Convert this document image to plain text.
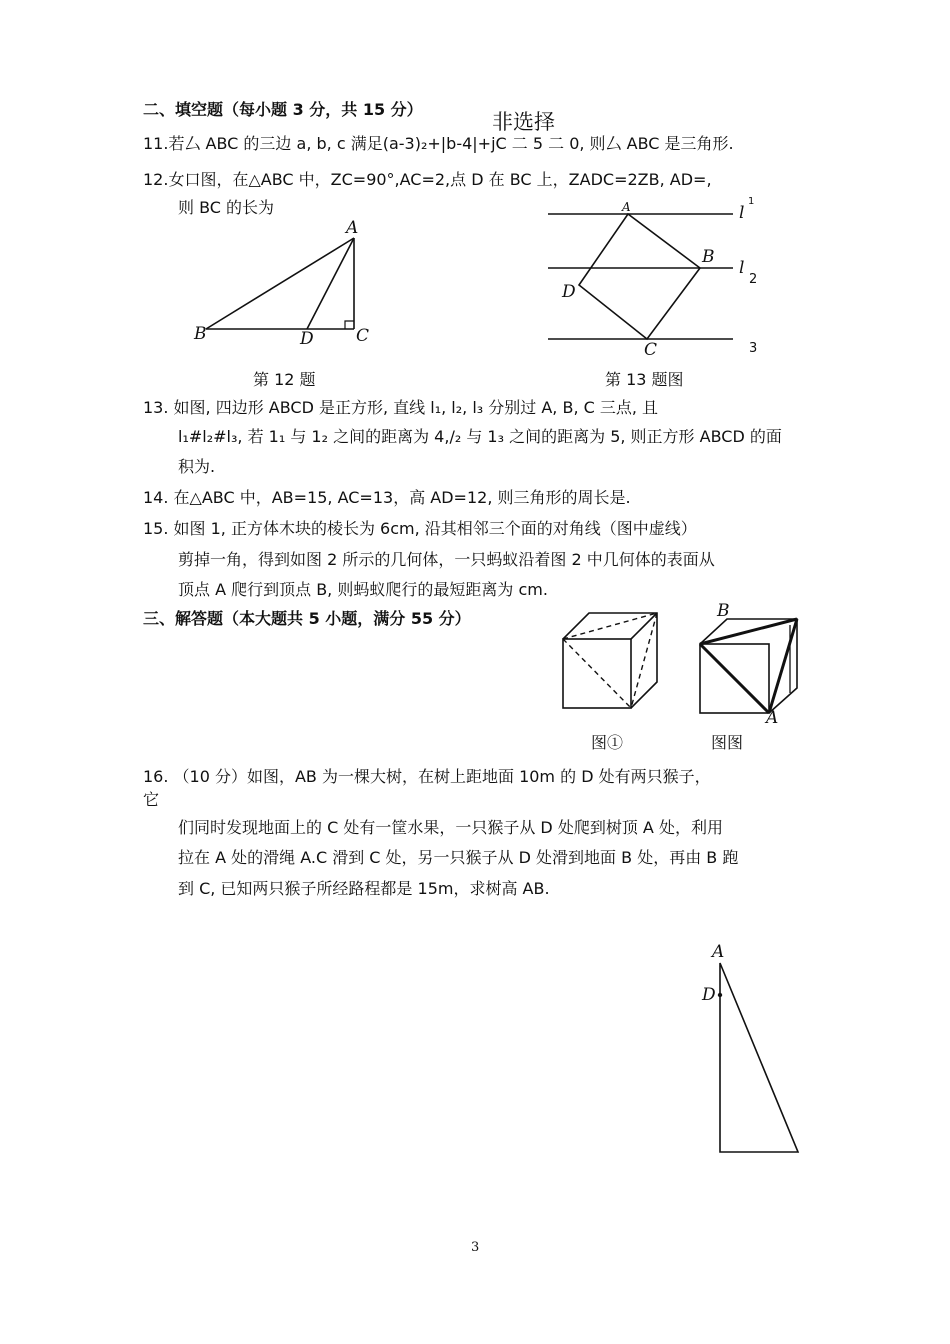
二、填空题（每小题 3 分，共 15 分）
非选择
11.若厶 ABC 的三边 a, b, c 满足(a-3)₂+|b-4|+jC 二 5 二 0, 则厶 ABC 是三角形.
12.女口图，在△ABC 中，ZC=90°,AC=2,点 D 在 BC 上，ZADC=2ZB, AD=,
则 BC 的长为
A
B	D C
第 12 题
A
B
D
C
l
1
l
2
3
第 13 题图
13. 如图, 四边形 ABCD 是正方形, 直线 l₁, l₂, l₃ 分别过 A, B, C 三点, 且
l₁#l₂#l₃, 若 1₁ 与 1₂ 之间的距离为 4,/₂ 与 1₃ 之间的距离为 5, 则正方形 ABCD 的面
积为.
14. 在△ABC 中，AB=15, AC=13，高 AD=12, 则三角形的周长是.
15. 如图 1, 正方体木块的棱长为 6cm, 沿其相邻三个面的对角线（图中虚线）
剪掉一角，得到如图 2 所示的几何体，一只蚂蚁沿着图 2 中几何体的表面从
顶点 A 爬行到顶点 B, 则蚂蚁爬行的最短距离为 cm.
三、解答题（本大题共 5 小题，满分 55 分）
图①
B
A
图图
16. （10 分）如图，AB 为一棵大树，在树上距地面 10m 的 D 处有两只猴子，
它
们同时发现地面上的 C 处有一筐水果，一只猴子从 D 处爬到树顶 A 处，利用
拉在 A 处的滑绳 A.C 滑到 C 处，另一只猴子从 D 处滑到地面 B 处，再由 B 跑
到 C, 已知两只猴子所经路程都是 15m，求树高 AB.
A
D
3
